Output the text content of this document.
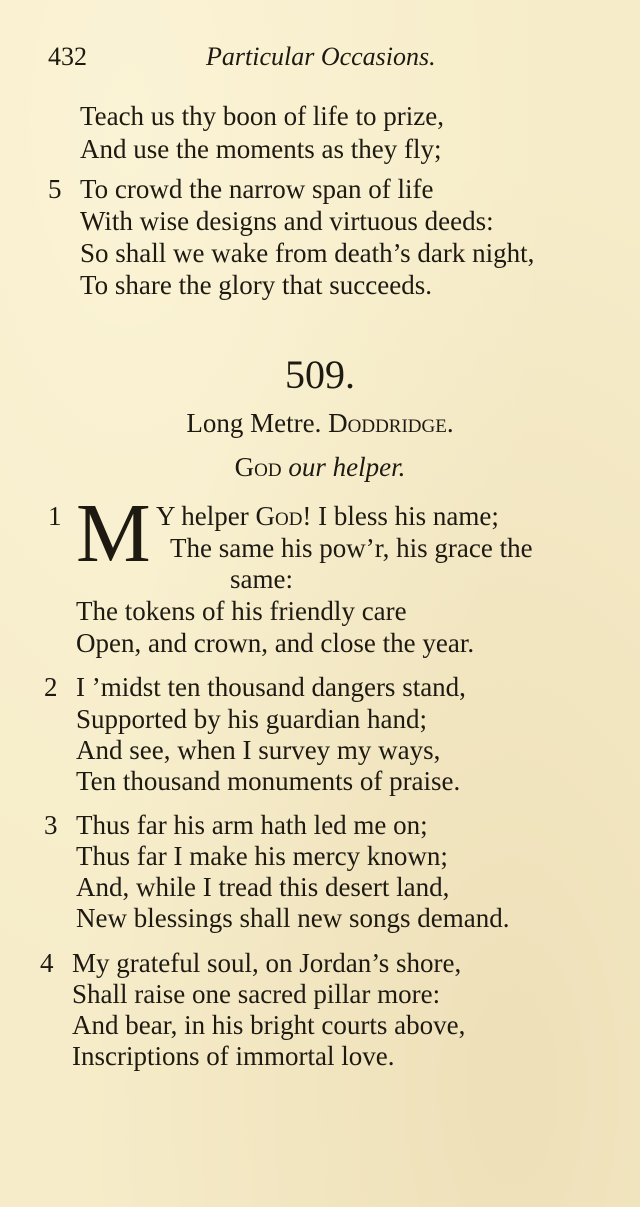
432	Particular Occasions.
Teach us thy boon of life to prize,
And use the moments as they fly;
5 To crowd the narrow span of life
With wise designs and virtuous deeds:
So shall we wake from death’s dark night,
To share the glory that succeeds.
509.
Long Metre. Doddridge.
God our helper.
1 M Y helper God! I bless his name;
The same his pow’r, his grace the
same:
The tokens of his friendly care
Open, and crown, and close the year.
2 I ’midst ten thousand dangers stand,
Supported by his guardian hand;
And see, when I survey my ways,
Ten thousand monuments of praise.
3 Thus far his arm hath led me on;
Thus far I make his mercy known;
And, while I tread this desert land,
New blessings shall new songs demand.
4 My grateful soul, on Jordan’s shore,
Shall raise one sacred pillar more:
And bear, in his bright courts above,
Inscriptions of immortal love.
